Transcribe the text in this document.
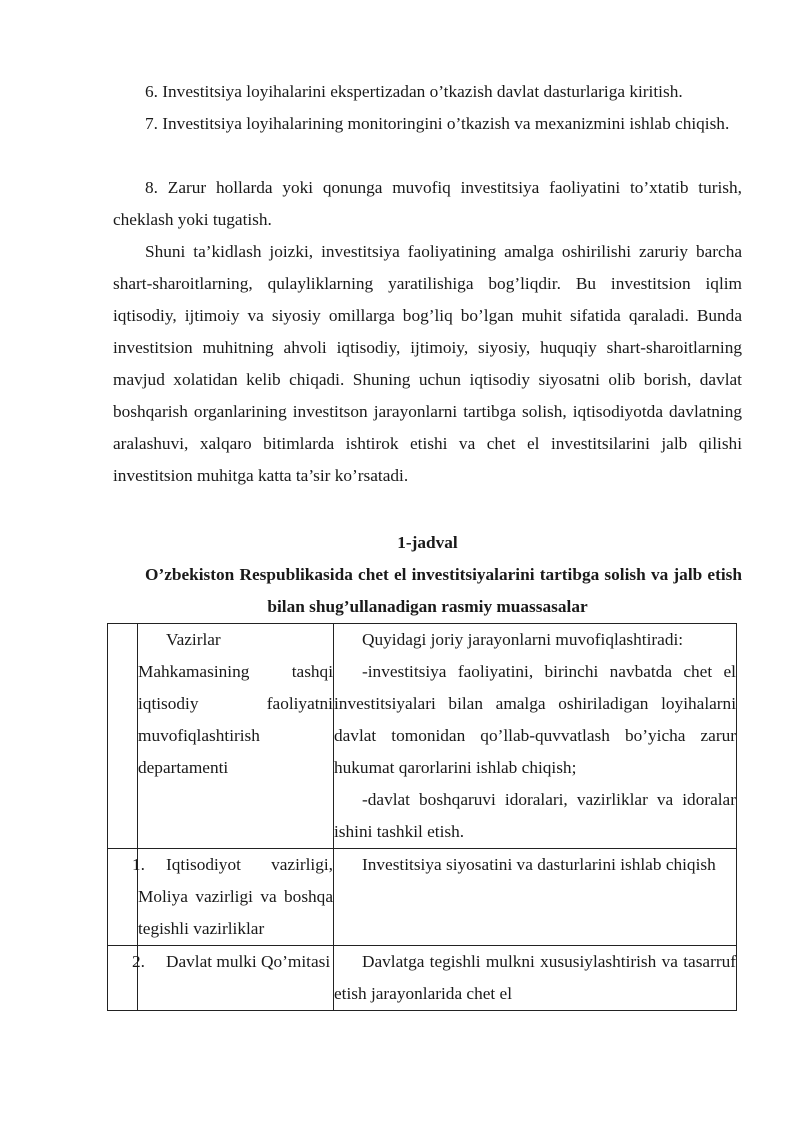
6. Investitsiya loyihalarini ekspertizadan o’tkazish davlat dasturlariga kiritish.

7. Investitsiya loyihalarining monitoringini o’tkazish va mexanizmini ishlab chiqish.

8. Zarur hollarda yoki qonunga muvofiq investitsiya faoliyatini to’xtatib turish, cheklash yoki tugatish.

Shuni ta’kidlash joizki, investitsiya faoliyatining amalga oshirilishi zaruriy barcha shart-sharoitlarning, qulayliklarning yaratilishiga bog’liqdir. Bu investitsion iqlim iqtisodiy, ijtimoiy va siyosiy omillarga bog’liq bo’lgan muhit sifatida qaraladi. Bunda investitsion muhitning ahvoli iqtisodiy, ijtimoiy, siyosiy, huquqiy shart-sharoitlarning mavjud xolatidan kelib chiqadi. Shuning uchun iqtisodiy siyosatni olib borish, davlat boshqarish organlarining investitson jarayonlarni tartibga solish, iqtisodiyotda davlatning aralashuvi, xalqaro bitimlarda ishtirok etishi va chet el investitsilarini jalb qilishi investitsion muhitga katta ta’sir ko’rsatadi.

1-jadval

O’zbekiston Respublikasida chet el investitsiyalarini tartibga solish va jalb etish bilan shug’ullanadigan rasmiy muassasalar

	Vazirlar Mahkamasining tashqi iqtisodiy faoliyatni muvofiqlashtirish departamenti	Quyidagi joriy jarayonlarni muvofiqlashtiradi:

-investitsiya faoliyatini, birinchi navbatda chet el investitsiyalari bilan amalga oshiriladigan loyihalarni davlat tomonidan qo’llab-quvvatlash bo’yicha zarur hukumat qarorlarini ishlab chiqish;

-davlat boshqaruvi idoralari, vazirliklar va idoralar ishini tashkil etish.

1.	Iqtisodiyot vazirligi, Moliya vazirligi va boshqa tegishli vazirliklar	Investitsiya siyosatini va dasturlarini ishlab chiqish

2.	Davlat mulki Qo’mitasi	Davlatga tegishli mulkni xususiylashtirish va tasarruf etish jarayonlarida chet el
